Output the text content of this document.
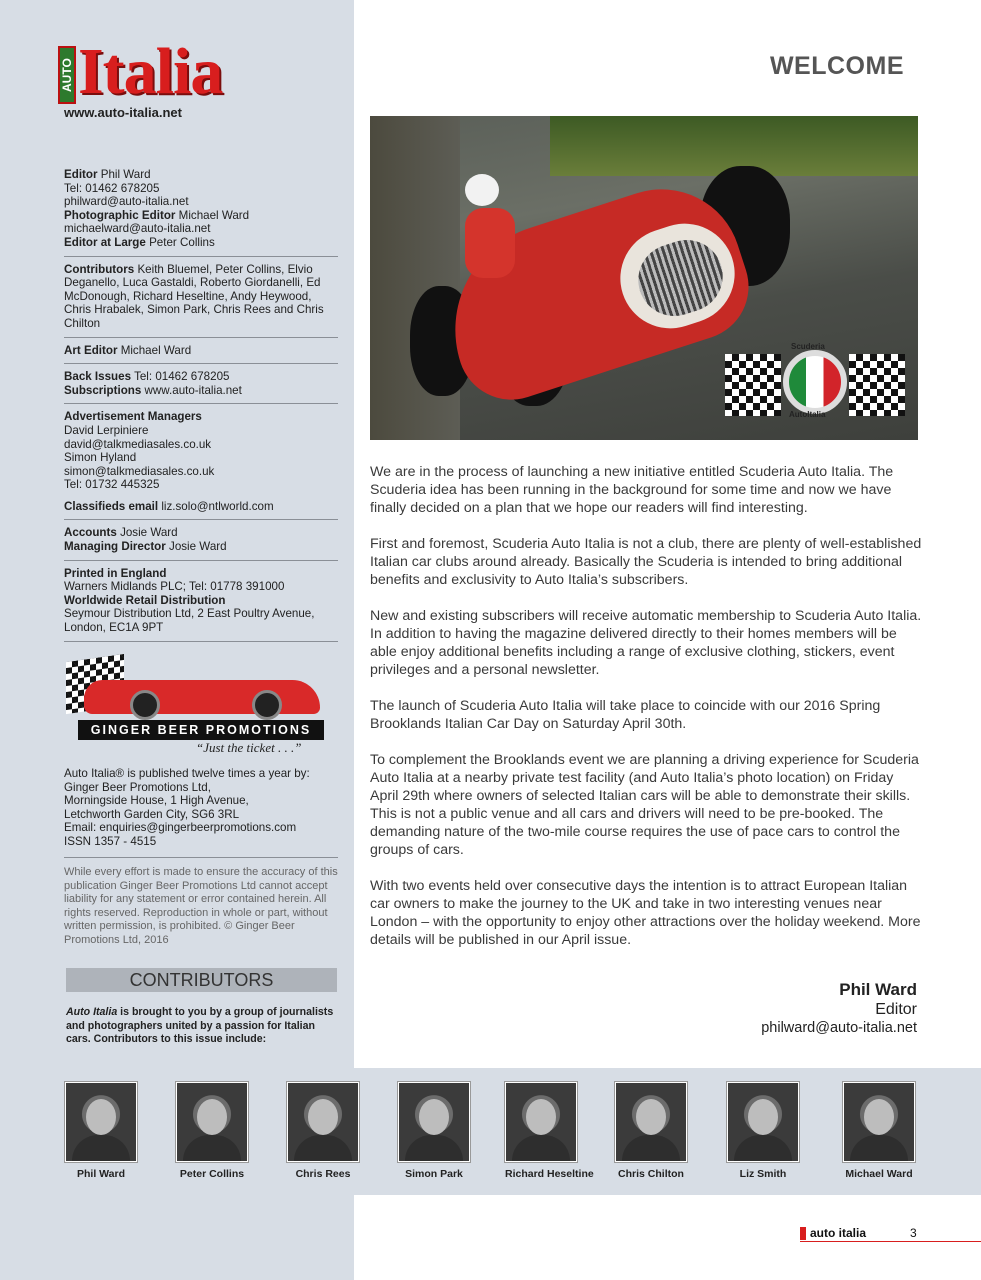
AUTO Italia
www.auto-italia.net
Editor Phil Ward
Tel: 01462 678205
philward@auto-italia.net
Photographic Editor Michael Ward
michaelward@auto-italia.net
Editor at Large Peter Collins
Contributors Keith Bluemel, Peter Collins, Elvio Deganello, Luca Gastaldi, Roberto Giordanelli, Ed McDonough, Richard Heseltine, Andy Heywood, Chris Hrabalek, Simon Park, Chris Rees and Chris Chilton
Art Editor Michael Ward
Back Issues Tel: 01462 678205
Subscriptions www.auto-italia.net
Advertisement Managers
David Lerpiniere
david@talkmediasales.co.uk
Simon Hyland
simon@talkmediasales.co.uk
Tel: 01732 445325
Classifieds email liz.solo@ntlworld.com
Accounts Josie Ward
Managing Director Josie Ward
Printed in England
Warners Midlands PLC; Tel: 01778 391000
Worldwide Retail Distribution
Seymour Distribution Ltd, 2 East Poultry Avenue, London, EC1A 9PT
GINGER BEER PROMOTIONS
“Just the ticket . . .”
Auto Italia® is published twelve times a year by:
Ginger Beer Promotions Ltd,
Morningside House, 1 High Avenue,
Letchworth Garden City, SG6 3RL
Email: enquiries@gingerbeerpromotions.com
ISSN 1357 - 4515
While every effort is made to ensure the accuracy of this publication Ginger Beer Promotions Ltd cannot accept liability for any statement or error contained herein. All rights reserved. Reproduction in whole or part, without written permission, is prohibited. © Ginger Beer Promotions Ltd, 2016
CONTRIBUTORS
Auto Italia is brought to you by a group of journalists and photographers united by a passion for Italian cars. Contributors to this issue include:
WELCOME
Scuderia
AutoItalia

We are in the process of launching a new initiative entitled Scuderia Auto Italia. The Scuderia idea has been running in the background for some time and now we have finally decided on a plan that we hope our readers will find interesting.

First and foremost, Scuderia Auto Italia is not a club, there are plenty of well-established Italian car clubs around already. Basically the Scuderia is intended to bring additional benefits and exclusivity to Auto Italia’s subscribers.

New and existing subscribers will receive automatic membership to Scuderia Auto Italia. In addition to having the magazine delivered directly to their homes members will be able enjoy additional benefits including a range of exclusive clothing, stickers, event privileges and a personal newsletter.

The launch of Scuderia Auto Italia will take place to coincide with our 2016 Spring Brooklands Italian Car Day on Saturday April 30th.

To complement the Brooklands event we are planning a driving experience for Scuderia Auto Italia at a nearby private test facility (and Auto Italia’s photo location) on Friday April 29th where owners of selected Italian cars will be able to demonstrate their skills. This is not a public venue and all cars and drivers will need to be pre-booked. The demanding nature of the two-mile course requires the use of pace cars to control the groups of cars.

With two events held over consecutive days the intention is to attract European Italian car owners to make the journey to the UK and take in two interesting venues near London – with the opportunity to enjoy other attractions over the holiday weekend. More details will be published in our April issue.

Phil Ward
Editor
philward@auto-italia.net
Phil Ward	Peter Collins	Chris Rees	Simon Park	Richard Heseltine Chris Chilton	Liz Smith	Michael Ward
auto italia	3
